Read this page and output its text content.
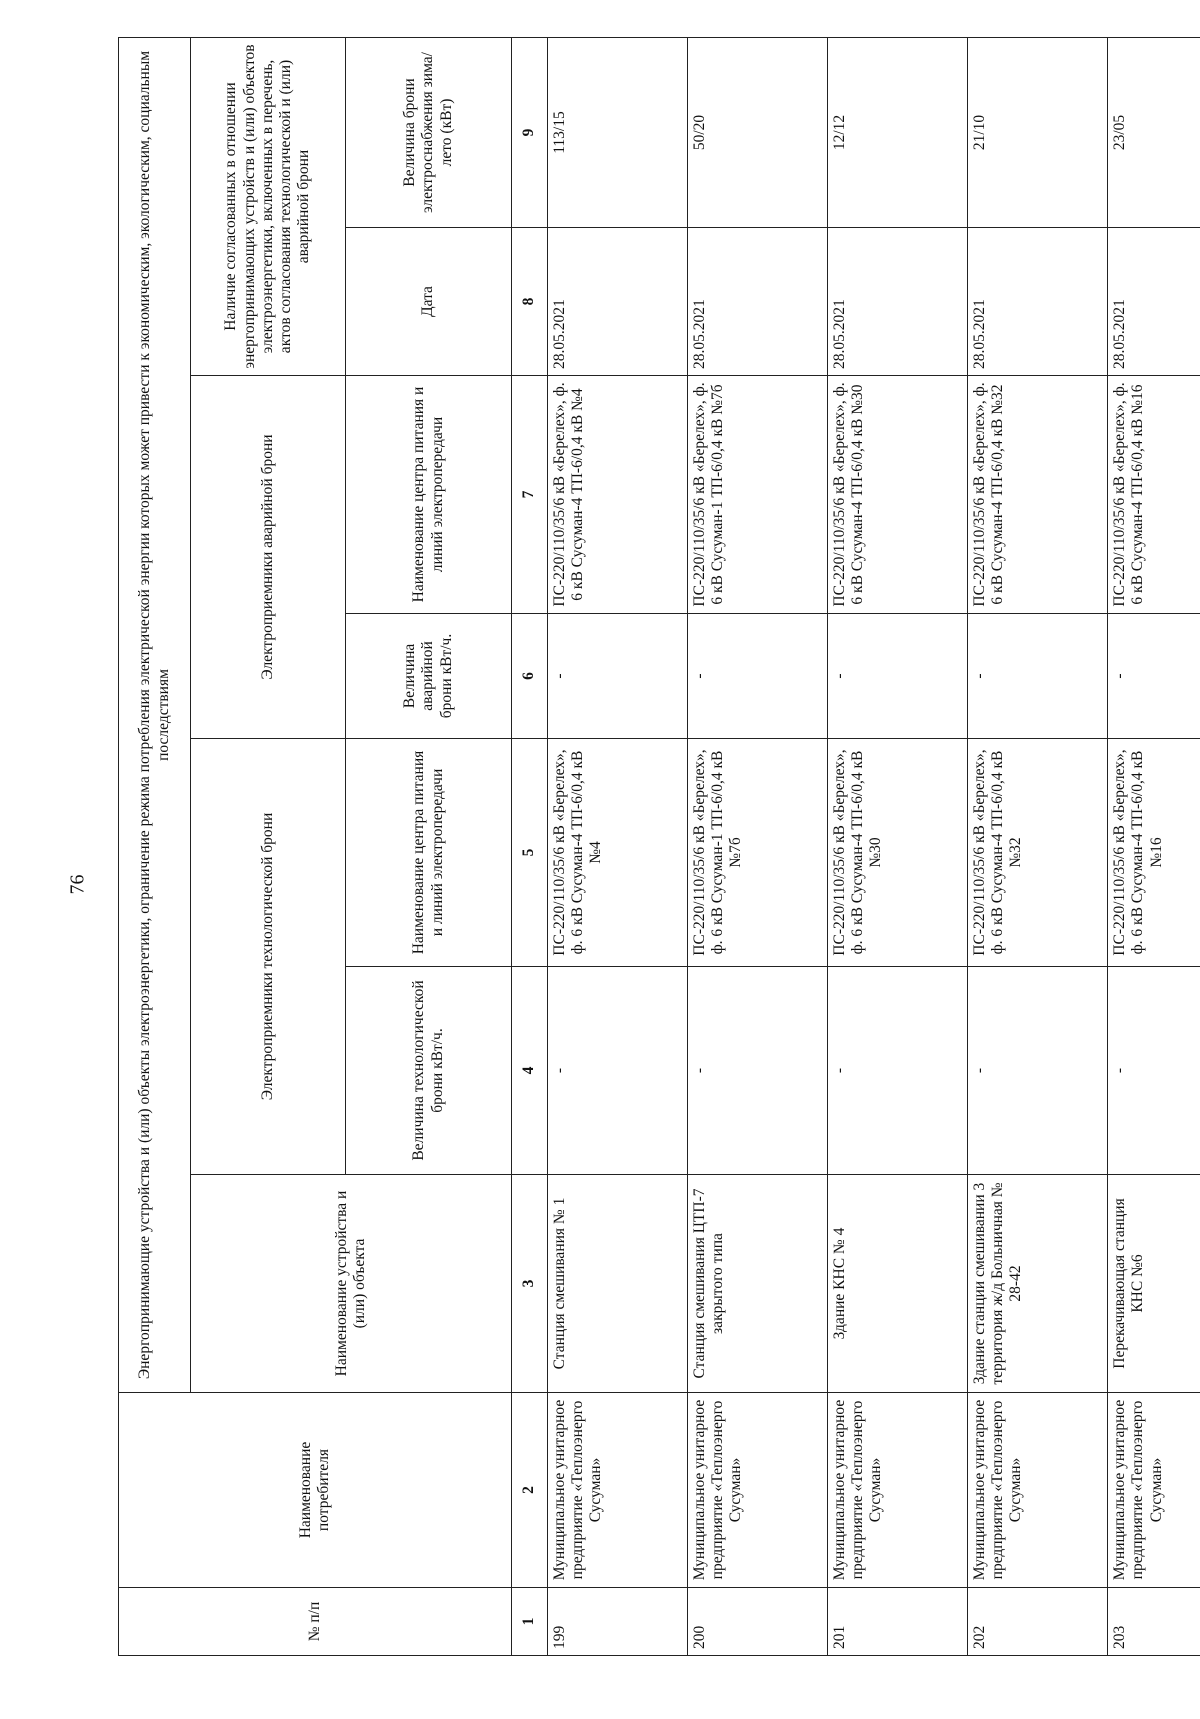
76
№ п/п	Наименование потребителя	Энергопринимающие устройства и (или) объекты электроэнергетики, ограничение режима потребления электрической энергии которых может привести к экономическим, экологическим, социальным последствиям						
		Наименование устройства и (или) объекта	Электроприемники технологической брони		Электроприемники аварийной брони		Наличие согласованных в отношении энергопринимающих устройств и (или) объектов электроэнергетики, включенных в перечень, актов согласования технологической и (или) аварийной брони	
			Величина технологической брони кВт/ч.	Наименование центра питания и линий электропередачи	Величина аварийной брони кВт/ч.	Наименование центра питания и линий электропередачи	Дата	Величина брони электроснабжения зима/лето (кВт)
1	2	3	4	5	6	7	8	9
199	Муниципальное унитарное предприятие «Теплоэнерго Сусуман»	Станция смешивания № 1	-	ПС-220/110/35/6 кВ «Берелех», ф. 6 кВ Сусуман-4 ТП-6/0,4 кВ №4	-	ПС-220/110/35/6 кВ «Берелех», ф. 6 кВ Сусуман-4 ТП-6/0,4 кВ №4	28.05.2021	113/15
200	Муниципальное унитарное предприятие «Теплоэнерго Сусуман»	Станция смешивания ЦТП-7 закрытого типа	-	ПС-220/110/35/6 кВ «Берелех», ф. 6 кВ Сусуман-1 ТП-6/0,4 кВ №7б	-	ПС-220/110/35/6 кВ «Берелех», ф. 6 кВ Сусуман-1 ТП-6/0,4 кВ №7б	28.05.2021	50/20
201	Муниципальное унитарное предприятие «Теплоэнерго Сусуман»	Здание КНС № 4	-	ПС-220/110/35/6 кВ «Берелех», ф. 6 кВ Сусуман-4 ТП-6/0,4 кВ №30	-	ПС-220/110/35/6 кВ «Берелех», ф. 6 кВ Сусуман-4 ТП-6/0,4 кВ №30	28.05.2021	12/12
202	Муниципальное унитарное предприятие «Теплоэнерго Сусуман»	Здание станции смешивании 3 территория ж/д Больничная № 28-42	-	ПС-220/110/35/6 кВ «Берелех», ф. 6 кВ Сусуман-4 ТП-6/0,4 кВ №32	-	ПС-220/110/35/6 кВ «Берелех», ф. 6 кВ Сусуман-4 ТП-6/0,4 кВ №32	28.05.2021	21/10
203	Муниципальное унитарное предприятие «Теплоэнерго Сусуман»	Перекачивающая станция КНС №6	-	ПС-220/110/35/6 кВ «Берелех», ф. 6 кВ Сусуман-4 ТП-6/0,4 кВ №16	-	ПС-220/110/35/6 кВ «Берелех», ф. 6 кВ Сусуман-4 ТП-6/0,4 кВ №16	28.05.2021	23/05
